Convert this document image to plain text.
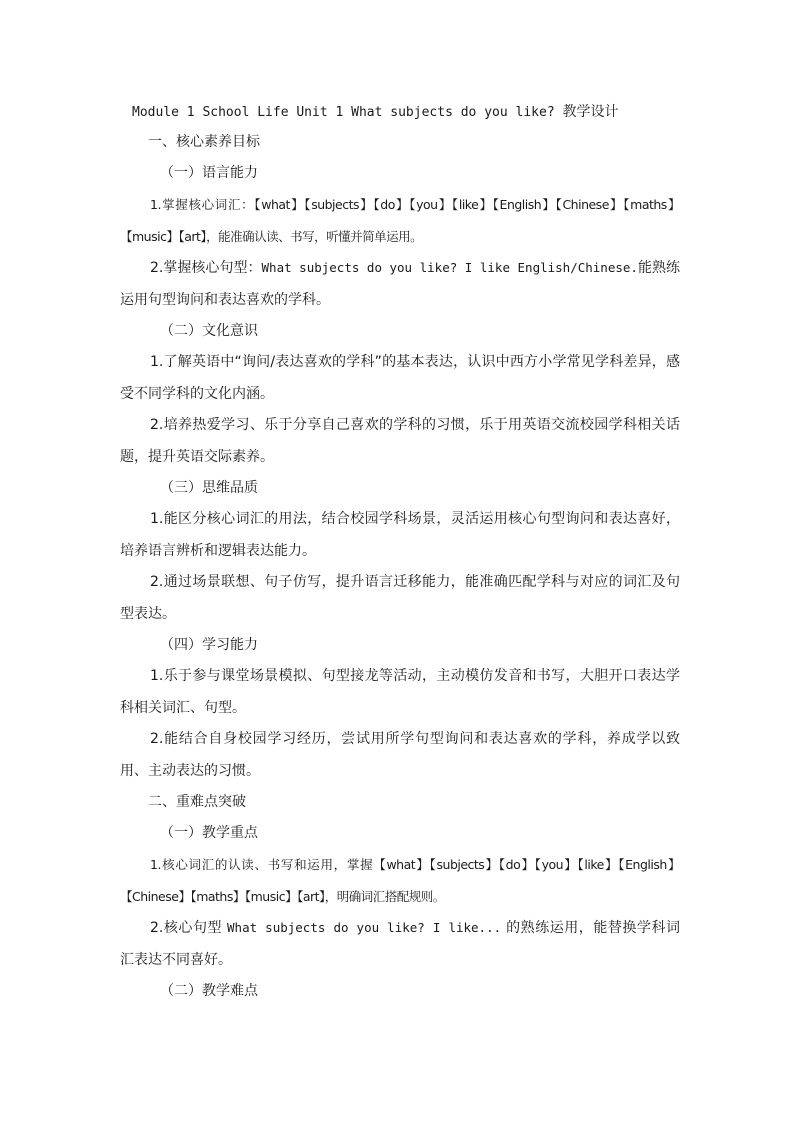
Module 1 School Life Unit 1 What subjects do you like? 教学设计

一、核心素养目标

（一）语言能力

1.掌握核心词汇：【what】【subjects】【do】【you】【like】【English】【Chinese】【maths】【music】【art】，能准确认读、书写，听懂并简单运用。

2.掌握核心句型：What subjects do you like? I like English/Chinese.能熟练运用句型询问和表达喜欢的学科。

（二）文化意识

1.了解英语中“询问/表达喜欢的学科”的基本表达，认识中西方小学常见学科差异，感受不同学科的文化内涵。

2.培养热爱学习、乐于分享自己喜欢的学科的习惯，乐于用英语交流校园学科相关话题，提升英语交际素养。

（三）思维品质

1.能区分核心词汇的用法，结合校园学科场景，灵活运用核心句型询问和表达喜好，培养语言辨析和逻辑表达能力。

2.通过场景联想、句子仿写，提升语言迁移能力，能准确匹配学科与对应的词汇及句型表达。

（四）学习能力

1.乐于参与课堂场景模拟、句型接龙等活动，主动模仿发音和书写，大胆开口表达学科相关词汇、句型。

2.能结合自身校园学习经历，尝试用所学句型询问和表达喜欢的学科，养成学以致用、主动表达的习惯。

二、重难点突破

（一）教学重点

1.核心词汇的认读、书写和运用，掌握【what】【subjects】【do】【you】【like】【English】【Chinese】【maths】【music】【art】，明确词汇搭配规则。

2.核心句型 What subjects do you like? I like... 的熟练运用，能替换学科词汇表达不同喜好。

（二）教学难点
